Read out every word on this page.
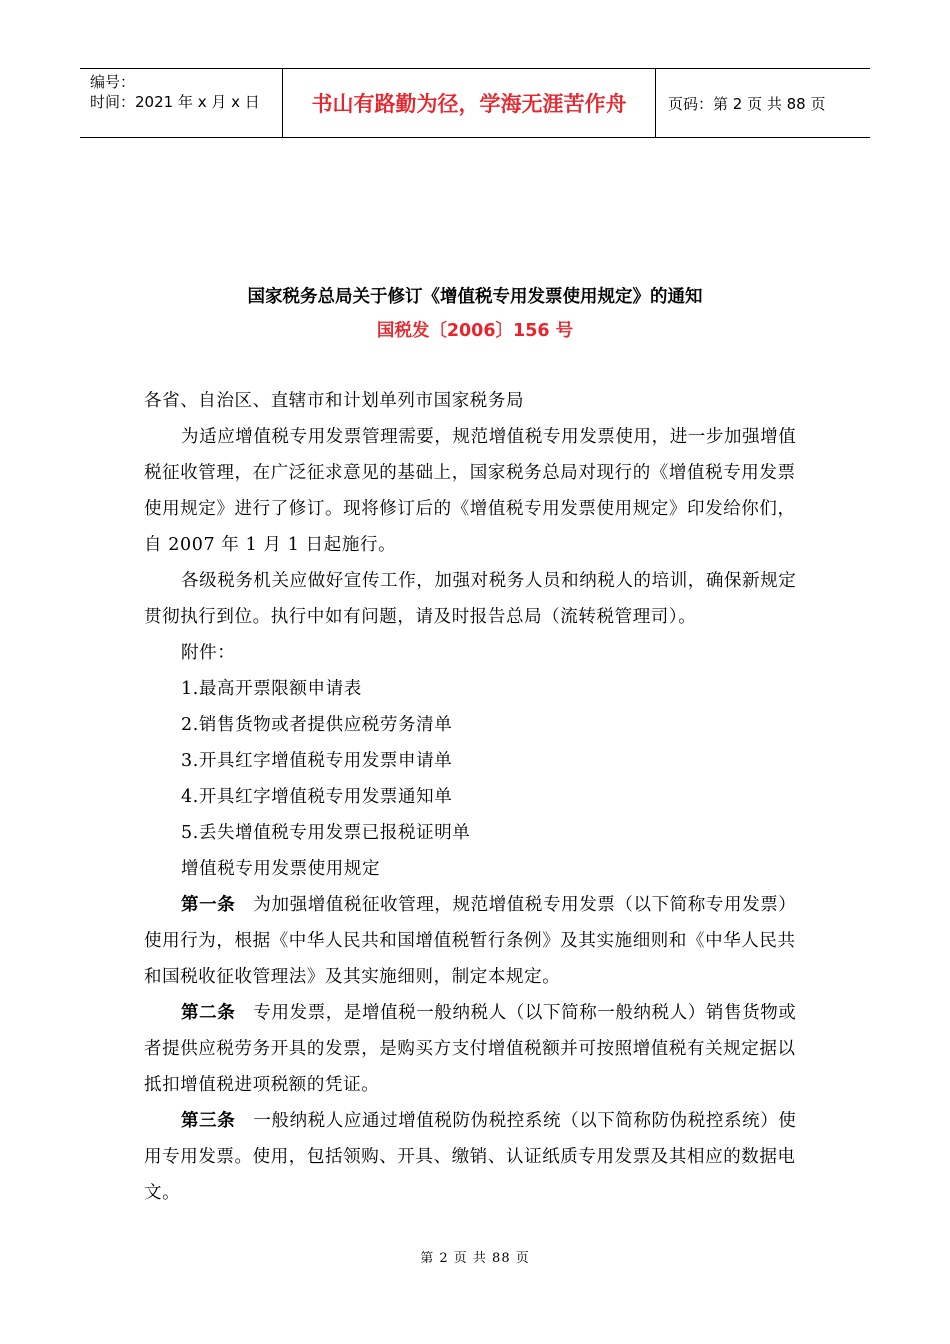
编号：
时间：2021 年 x 月 x 日	书山有路勤为径，学海无涯苦作舟	页码：第 2 页 共 88 页
国家税务总局关于修订《增值税专用发票使用规定》的通知
国税发〔2006〕156 号

各省、自治区、直辖市和计划单列市国家税务局

为适应增值税专用发票管理需要，规范增值税专用发票使用，进一步加强增值税征收管理，在广泛征求意见的基础上，国家税务总局对现行的《增值税专用发票使用规定》进行了修订。现将修订后的《增值税专用发票使用规定》印发给你们，自 2007 年 1 月 1 日起施行。

各级税务机关应做好宣传工作，加强对税务人员和纳税人的培训，确保新规定贯彻执行到位。执行中如有问题，请及时报告总局（流转税管理司）。

附件：

1.最高开票限额申请表

2.销售货物或者提供应税劳务清单

3.开具红字增值税专用发票申请单

4.开具红字增值税专用发票通知单

5.丢失增值税专用发票已报税证明单

增值税专用发票使用规定

第一条　为加强增值税征收管理，规范增值税专用发票（以下简称专用发票）使用行为，根据《中华人民共和国增值税暂行条例》及其实施细则和《中华人民共和国税收征收管理法》及其实施细则，制定本规定。

第二条　专用发票，是增值税一般纳税人（以下简称一般纳税人）销售货物或者提供应税劳务开具的发票，是购买方支付增值税额并可按照增值税有关规定据以抵扣增值税进项税额的凭证。

第三条　一般纳税人应通过增值税防伪税控系统（以下简称防伪税控系统）使用专用发票。使用，包括领购、开具、缴销、认证纸质专用发票及其相应的数据电文。

第 2 页 共 88 页
